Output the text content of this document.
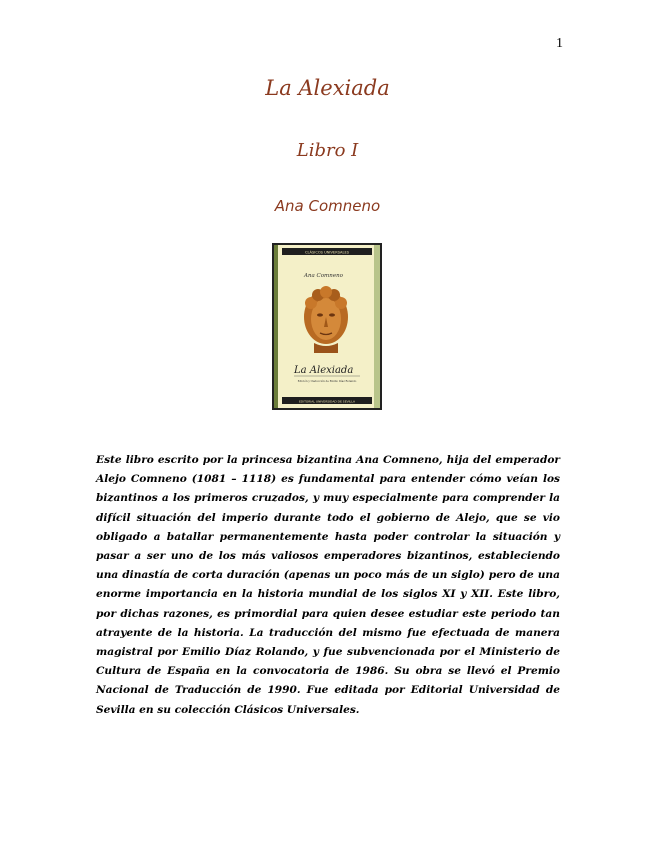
1
La Alexiada
Libro I
Ana Comneno
CLÁSICOS UNIVERSALES
Ana Comneno
La Alexiada
Edición y traducción de Emilio Díaz Rolando
EDITORIAL UNIVERSIDAD DE SEVILLA

Este libro escrito por la princesa bizantina Ana Comneno, hija del emperador Alejo Comneno (1081 – 1118) es fundamental para entender cómo veían los bizantinos a los primeros cruzados, y muy especialmente para comprender la difícil situación del imperio durante todo el gobierno de Alejo, que se vio obligado a batallar permanentemente hasta poder controlar la situación y pasar a ser uno de los más valiosos emperadores bizantinos, estableciendo una dinastía de corta duración (apenas un poco más de un siglo) pero de una enorme importancia en la historia mundial de los siglos XI y XII. Este libro, por dichas razones, es primordial para quien desee estudiar este periodo tan atrayente de la historia. La traducción del mismo fue efectuada de manera magistral por Emilio Díaz Rolando, y fue subvencionada por el Ministerio de Cultura de España en la convocatoria de 1986. Su obra se llevó el Premio Nacional de Traducción de 1990. Fue editada por Editorial Universidad de Sevilla en su colección Clásicos Universales.
